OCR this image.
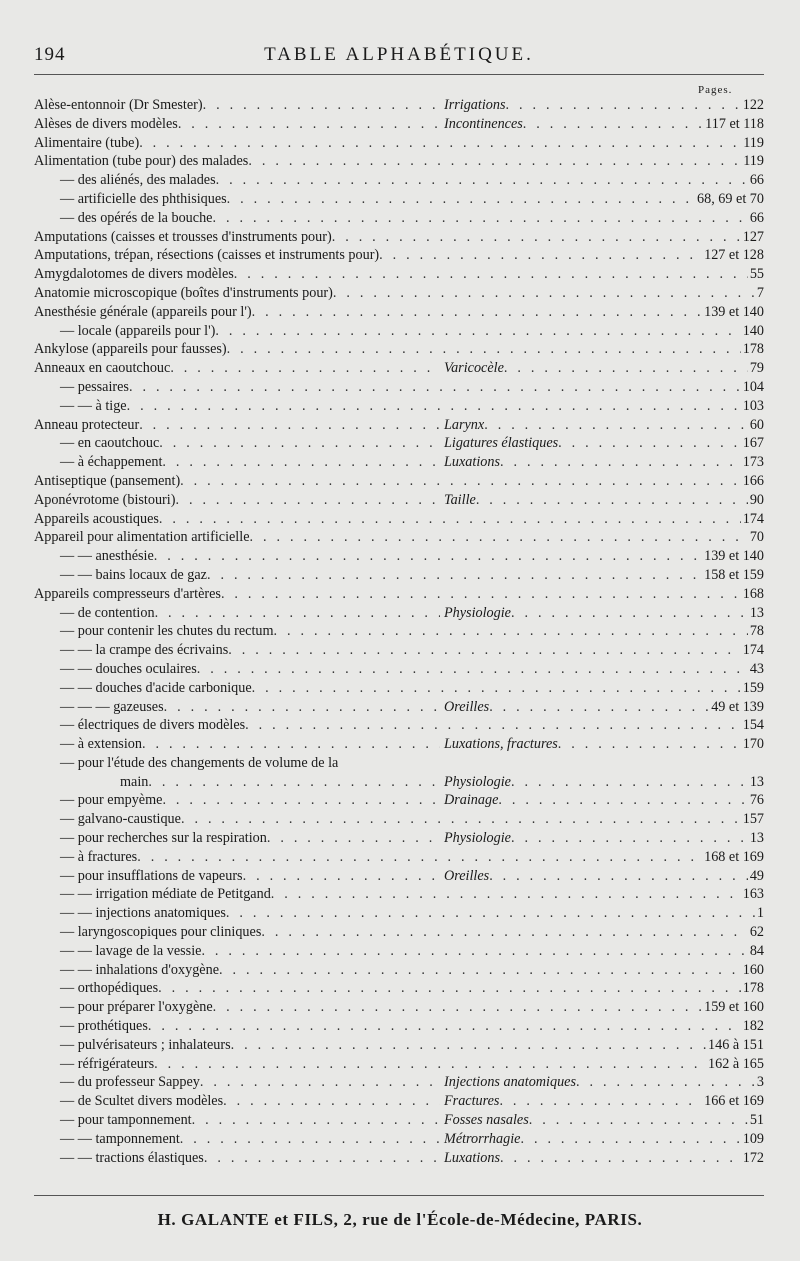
194	TABLE ALPHABÉTIQUE.
Pages.
Alèse-entonnoir (Dr Smester) . . .	Irrigations . . .	122
Alèses de divers modèles . . .	Incontinences . . .	117 et 118
Alimentaire (tube) . . .	119
Alimentation (tube pour) des malades . . .	119
— des aliénés, des malades . . .	66
— artificielle des phthisiques . . .	68, 69 et 70
— des opérés de la bouche . . .	66
Amputations (caisses et trousses d'instruments pour) . . .	127
Amputations, trépan, résections (caisses et instruments pour) . . .	127 et 128
Amygdalotomes de divers modèles . . .	55
Anatomie microscopique (boîtes d'instruments pour) . . .	7
Anesthésie générale (appareils pour l') . . .	139 et 140
— locale (appareils pour l') . . .	140
Ankylose (appareils pour fausses) . . .	178
Anneaux en caoutchouc . . .	Varicocèle . . .	79
— pessaires . . .	104
— — à tige . . .	103
Anneau protecteur . . .	Larynx . . .	60
— en caoutchouc . . .	Ligatures élastiques . . .	167
— à échappement . . .	Luxations . . .	173
Antiseptique (pansement) . . .	166
Aponévrotome (bistouri) . . .	Taille . . .	90
Appareils acoustiques . . .	174
Appareil pour alimentation artificielle . . .	70
— — anesthésie . . .	139 et 140
— — bains locaux de gaz . . .	158 et 159
Appareils compresseurs d'artères . . .	168
— de contention . . .	Physiologie . . .	13
— pour contenir les chutes du rectum . . .	78
— — la crampe des écrivains . . .	174
— — douches oculaires . . .	43
— — douches d'acide carbonique . . .	159
— — — gazeuses . . .	Oreilles . . .	49 et 139
— électriques de divers modèles . . .	154
— à extension . . .	Luxations, fractures . . .	170
— pour l'étude des changements de volume de la
main . . .	Physiologie . . .	13
— pour empyème . . .	Drainage . . .	76
— galvano-caustique . . .	157
— pour recherches sur la respiration . . .	Physiologie . . .	13
— à fractures . . .	168 et 169
— pour insufflations de vapeurs . . .	Oreilles . . .	49
— — irrigation médiate de Petitgand . . .	163
— — injections anatomiques . . .	1
— laryngoscopiques pour cliniques . . .	62
— — lavage de la vessie . . .	84
— — inhalations d'oxygène . . .	160
— orthopédiques . . .	178
— pour préparer l'oxygène . . .	159 et 160
— prothétiques . . .	182
— pulvérisateurs ; inhalateurs . . .	146 à 151
— réfrigérateurs . . .	162 à 165
— du professeur Sappey . . .	Injections anatomiques . . .	3
— de Scultet divers modèles . . .	Fractures . . .	166 et 169
— pour tamponnement . . .	Fosses nasales . . .	51
— — tamponnement . . .	Métrorrhagie . . .	109
— — tractions élastiques . . .	Luxations . . .	172
H. GALANTE et FILS, 2, rue de l'École-de-Médecine, PARIS.
